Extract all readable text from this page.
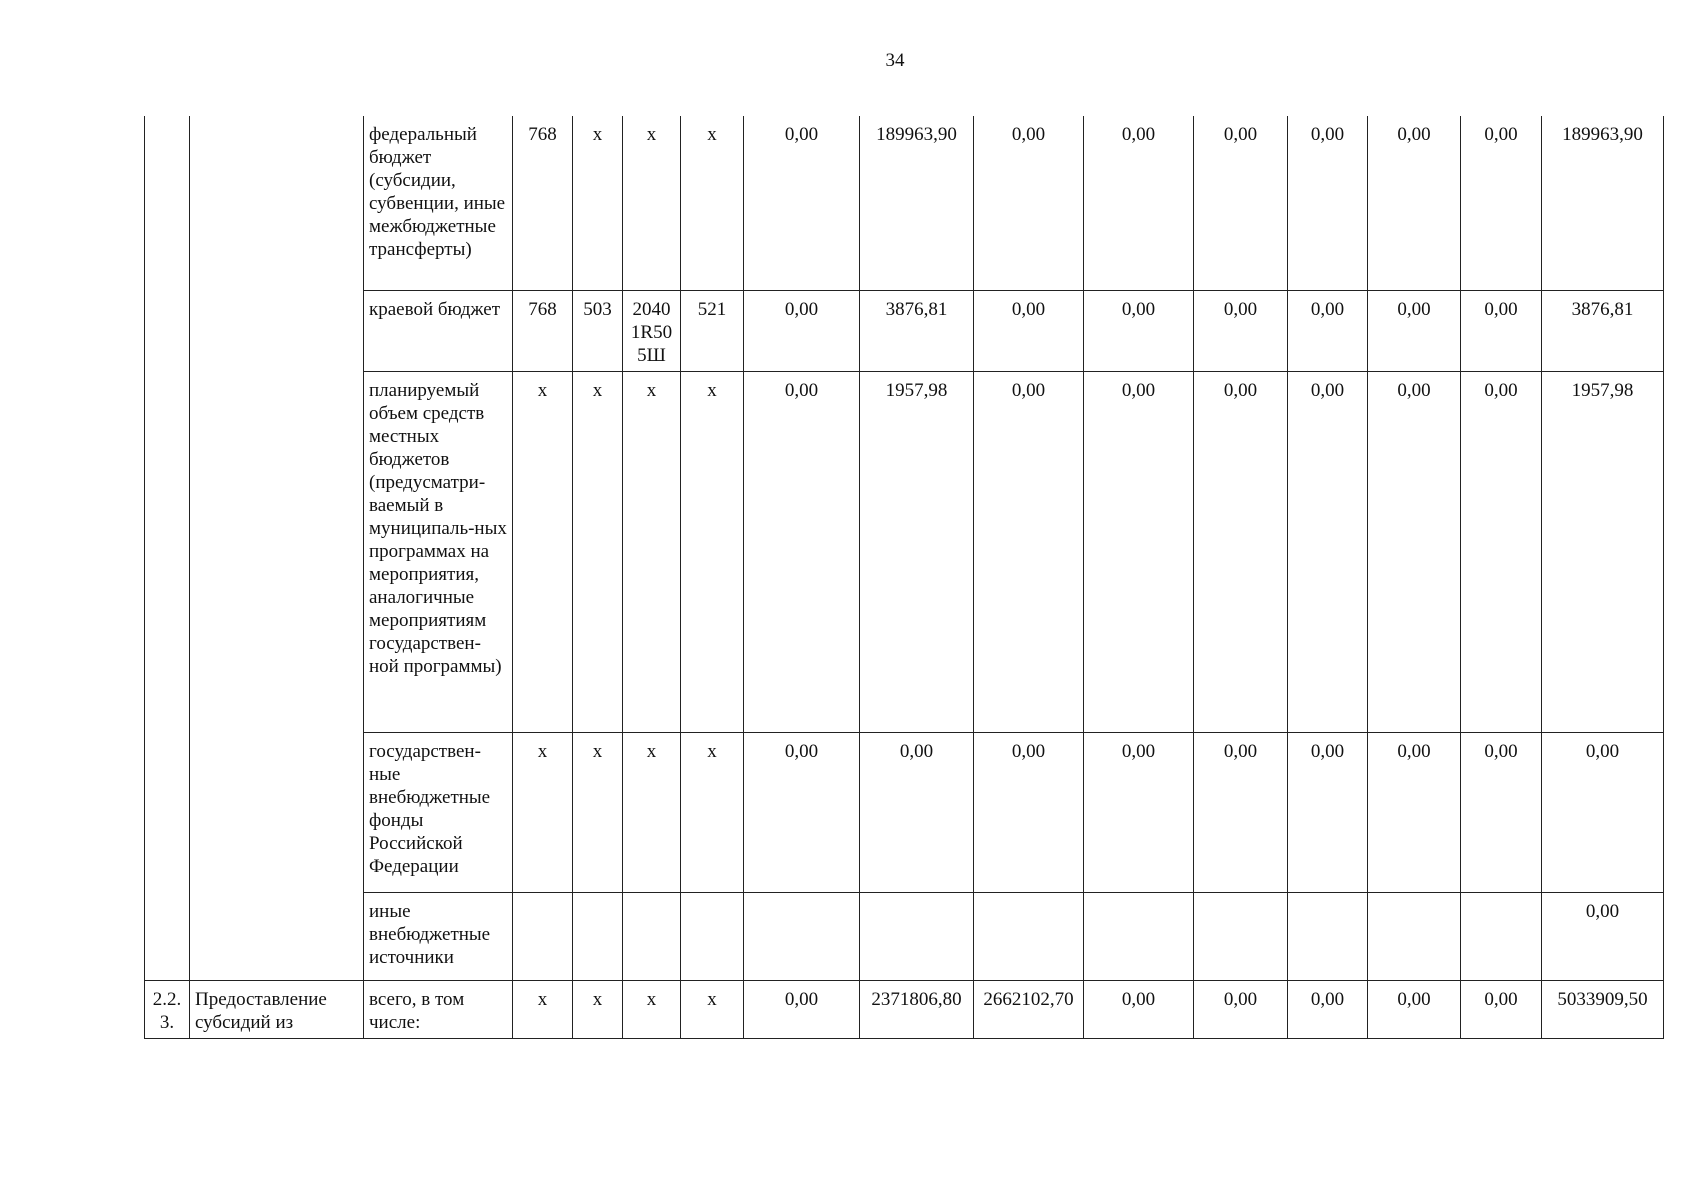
34
		федеральный бюджет (субсидии, субвенции, иные межбюджетные трансферты)	768	x	x	x	0,00	189963,90	0,00	0,00	0,00	0,00	0,00	0,00	189963,90
		краевой бюджет	768	503	2040 1R50 5Ш	521	0,00	3876,81	0,00	0,00	0,00	0,00	0,00	0,00	3876,81
		планируемый объем средств местных бюджетов (предусматри-ваемый в муниципаль-ных программах на мероприятия, аналогичные мероприятиям государствен-ной программы)	x	x	x	x	0,00	1957,98	0,00	0,00	0,00	0,00	0,00	0,00	1957,98
		государствен-ные внебюджетные фонды Российской Федерации	x	x	x	x	0,00	0,00	0,00	0,00	0,00	0,00	0,00	0,00	0,00
		иные внебюджетные источники													0,00
2.2. 3.	Предоставление субсидий из	всего, в том числе:	x	x	x	x	0,00	2371806,80	2662102,70	0,00	0,00	0,00	0,00	0,00	5033909,50
